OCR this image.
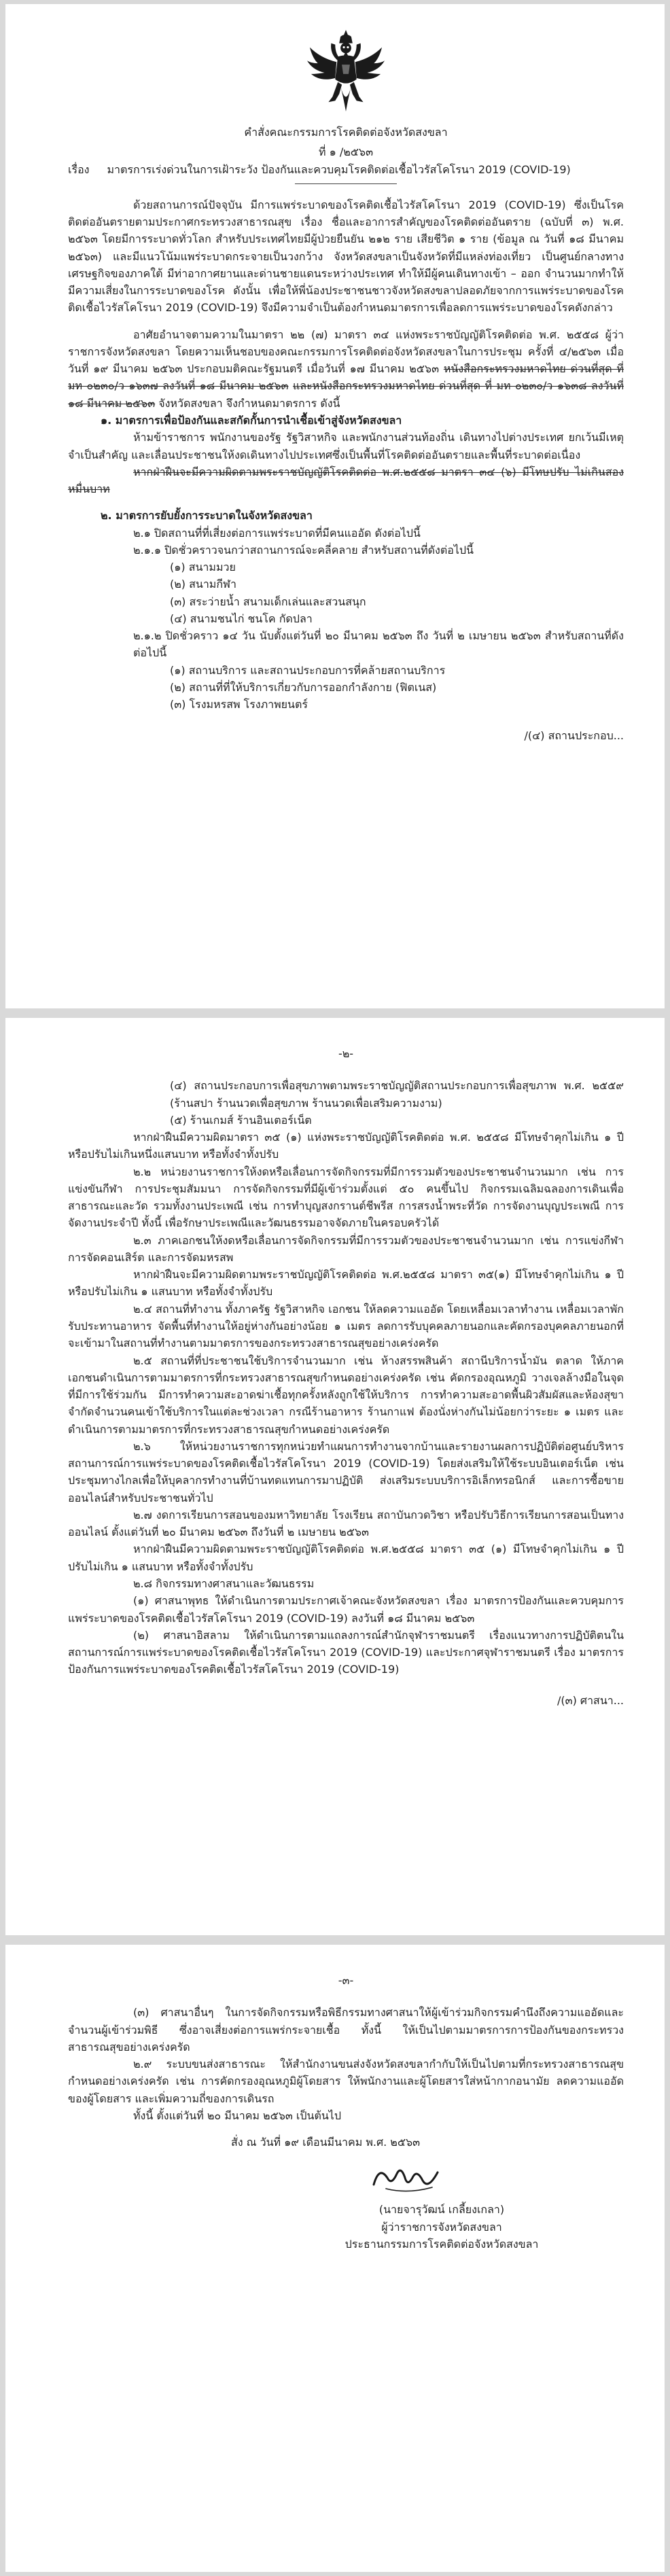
คำสั่งคณะกรรมการโรคติดต่อจังหวัดสงขลา

ที่ ๑ /๒๕๖๓

เรื่อง มาตรการเร่งด่วนในการเฝ้าระวัง ป้องกันและควบคุมโรคติดต่อเชื้อไวรัสโคโรนา 2019 (COVID-19)

ด้วยสถานการณ์ปัจจุบัน มีการแพร่ระบาดของโรคติดเชื้อไวรัสโคโรนา 2019 (COVID-19) ซึ่งเป็นโรคติดต่ออันตรายตามประกาศกระทรวงสาธารณสุข เรื่อง ชื่อและอาการสำคัญของโรคติดต่ออันตราย (ฉบับที่ ๓) พ.ศ. ๒๕๖๓ โดยมีการระบาดทั่วโลก สำหรับประเทศไทยมีผู้ป่วยยืนยัน ๒๑๒ ราย เสียชีวิต ๑ ราย (ข้อมูล ณ วันที่ ๑๘ มีนาคม ๒๕๖๓) และมีแนวโน้มแพร่ระบาดกระจายเป็นวงกว้าง จังหวัดสงขลาเป็นจังหวัดที่มีแหล่งท่องเที่ยว เป็นศูนย์กลางทางเศรษฐกิจของภาคใต้ มีท่าอากาศยานและด่านชายแดนระหว่างประเทศ ทำให้มีผู้คนเดินทางเข้า – ออก จำนวนมากทำให้มีความเสี่ยงในการระบาดของโรค ดังนั้น เพื่อให้พี่น้องประชาชนชาวจังหวัดสงขลาปลอดภัยจากการแพร่ระบาดของโรคติดเชื้อไวรัสโคโรนา 2019 (COVID-19) จึงมีความจำเป็นต้องกำหนดมาตรการเพื่อลดการแพร่ระบาดของโรคดังกล่าว

อาศัยอำนาจตามความในมาตรา ๒๒ (๗) มาตรา ๓๔ แห่งพระราชบัญญัติโรคติดต่อ พ.ศ. ๒๕๕๘ ผู้ว่าราชการจังหวัดสงขลา โดยความเห็นชอบของคณะกรรมการโรคติดต่อจังหวัดสงขลาในการประชุม ครั้งที่ ๔/๒๕๖๓ เมื่อวันที่ ๑๙ มีนาคม ๒๕๖๓ ประกอบมติคณะรัฐมนตรี เมื่อวันที่ ๑๗ มีนาคม ๒๕๖๓ หนังสือกระทรวงมหาดไทย ด่วนที่สุด ที่ มท ๐๒๓๐/ว ๑๖๓๗ ลงวันที่ ๑๘ มีนาคม ๒๕๖๓ และหนังสือกระทรวงมหาดไทย ด่วนที่สุด ที่ มท ๐๒๓๐/ว ๑๖๓๘ ลงวันที่ ๑๘ มีนาคม ๒๕๖๓ จังหวัดสงขลา จึงกำหนดมาตรการ ดังนี้

๑. มาตรการเพื่อป้องกันและสกัดกั้นการนำเชื้อเข้าสู่จังหวัดสงขลา

ห้ามข้าราชการ พนักงานของรัฐ รัฐวิสาหกิจ และพนักงานส่วนท้องถิ่น เดินทางไปต่างประเทศ ยกเว้นมีเหตุจำเป็นสำคัญ และเลื่อนประชาชนให้งดเดินทางไปประเทศซึ่งเป็นพื้นที่โรคติดต่ออันตรายและพื้นที่ระบาดต่อเนื่อง

หากฝ่าฝืนจะมีความผิดตามพระราชบัญญัติโรคติดต่อ พ.ศ.๒๕๕๘ มาตรา ๓๔ (๖) มีโทษปรับ ไม่เกินสองหมื่นบาท

๒. มาตรการยับยั้งการระบาดในจังหวัดสงขลา

๒.๑ ปิดสถานที่ที่เสี่ยงต่อการแพร่ระบาดที่มีคนแออัด ดังต่อไปนี้

๒.๑.๑ ปิดชั่วคราวจนกว่าสถานการณ์จะคลี่คลาย สำหรับสถานที่ดังต่อไปนี้

(๑) สนามมวย

(๒) สนามกีฬา

(๓) สระว่ายน้ำ สนามเด็กเล่นและสวนสนุก

(๔) สนามชนไก่ ชนโค กัดปลา

๒.๑.๒ ปิดชั่วคราว ๑๔ วัน นับตั้งแต่วันที่ ๒๐ มีนาคม ๒๕๖๓ ถึง วันที่ ๒ เมษายน ๒๕๖๓ สำหรับสถานที่ดังต่อไปนี้

(๑) สถานบริการ และสถานประกอบการที่คล้ายสถานบริการ

(๒) สถานที่ที่ให้บริการเกี่ยวกับการออกกำลังกาย (ฟิตเนส)

(๓) โรงมหรสพ โรงภาพยนตร์

/(๔) สถานประกอบ...

-๒-

(๔) สถานประกอบการเพื่อสุขภาพตามพระราชบัญญัติสถานประกอบการเพื่อสุขภาพ พ.ศ. ๒๕๕๙ (ร้านสปา ร้านนวดเพื่อสุขภาพ ร้านนวดเพื่อเสริมความงาม)

(๕) ร้านเกมส์ ร้านอินเตอร์เน็ต

หากฝ่าฝืนมีความผิดมาตรา ๓๕ (๑) แห่งพระราชบัญญัติโรคติดต่อ พ.ศ. ๒๕๕๘ มีโทษจำคุกไม่เกิน ๑ ปี หรือปรับไม่เกินหนึ่งแสนบาท หรือทั้งจำทั้งปรับ

๒.๒ หน่วยงานราชการให้งดหรือเลื่อนการจัดกิจกรรมที่มีการรวมตัวของประชาชนจำนวนมาก เช่น การแข่งขันกีฬา การประชุมสัมมนา การจัดกิจกรรมที่มีผู้เข้าร่วมตั้งแต่ ๕๐ คนขึ้นไป กิจกรรมเฉลิมฉลองการเดินเพื่อสาธารณะและวัด รวมทั้งงานประเพณี เช่น การทำบุญสงกรานต์ชีพรีส การสรงน้ำพระที่วัด การจัดงานบุญประเพณี การจัดงานประจำปี ทั้งนี้ เพื่อรักษาประเพณีและวัฒนธรรมอาจจัดภายในครอบครัวได้

๒.๓ ภาคเอกชนให้งดหรือเลื่อนการจัดกิจกรรมที่มีการรวมตัวของประชาชนจำนวนมาก เช่น การแข่งกีฬา การจัดคอนเสิร์ต และการจัดมหรสพ

หากฝ่าฝืนจะมีความผิดตามพระราชบัญญัติโรคติดต่อ พ.ศ.๒๕๕๘ มาตรา ๓๕(๑) มีโทษจำคุกไม่เกิน ๑ ปี หรือปรับไม่เกิน ๑ แสนบาท หรือทั้งจำทั้งปรับ

๒.๔ สถานที่ทำงาน ทั้งภาครัฐ รัฐวิสาหกิจ เอกชน ให้ลดความแออัด โดยเหลื่อมเวลาทำงาน เหลื่อมเวลาพักรับประทานอาหาร จัดพื้นที่ทำงานให้อยู่ห่างกันอย่างน้อย ๑ เมตร ลดการรับบุคคลภายนอกและคัดกรองบุคคลภายนอกที่จะเข้ามาในสถานที่ทำงานตามมาตรการของกระทรวงสาธารณสุขอย่างเคร่งครัด

๒.๕ สถานที่ที่ประชาชนใช้บริการจำนวนมาก เช่น ห้างสรรพสินค้า สถานีบริการน้ำมัน ตลาด ให้ภาคเอกชนดำเนินการตามมาตรการที่กระทรวงสาธารณสุขกำหนดอย่างเคร่งครัด เช่น คัดกรองอุณหภูมิ วางเจลล้างมือในจุดที่มีการใช้ร่วมกัน มีการทำความสะอาดฆ่าเชื้อทุกครั้งหลังถูกใช้ให้บริการ การทำความสะอาดพื้นผิวสัมผัสและห้องสุขา จำกัดจำนวนคนเข้าใช้บริการในแต่ละช่วงเวลา กรณีร้านอาหาร ร้านกาแฟ ต้องนั่งห่างกันไม่น้อยกว่าระยะ ๑ เมตร และดำเนินการตามมาตรการที่กระทรวงสาธารณสุขกำหนดอย่างเคร่งครัด

๒.๖ ให้หน่วยงานราชการทุกหน่วยทำแผนการทำงานจากบ้านและรายงานผลการปฏิบัติต่อศูนย์บริหารสถานการณ์การแพร่ระบาดของโรคติดเชื้อไวรัสโคโรนา 2019 (COVID-19) โดยส่งเสริมให้ใช้ระบบอินเตอร์เน็ต เช่น ประชุมทางไกลเพื่อให้บุคลากรทำงานที่บ้านทดแทนการมาปฏิบัติ ส่งเสริมระบบบริการอิเล็กทรอนิกส์ และการซื้อขายออนไลน์สำหรับประชาชนทั่วไป

๒.๗ งดการเรียนการสอนของมหาวิทยาลัย โรงเรียน สถาบันกวดวิชา หรือปรับวิธีการเรียนการสอนเป็นทางออนไลน์ ตั้งแต่วันที่ ๒๐ มีนาคม ๒๕๖๓ ถึงวันที่ ๒ เมษายน ๒๕๖๓

หากฝ่าฝืนมีความผิดตามพระราชบัญญัติโรคติดต่อ พ.ศ.๒๕๕๘ มาตรา ๓๕ (๑) มีโทษจำคุกไม่เกิน ๑ ปี ปรับไม่เกิน ๑ แสนบาท หรือทั้งจำทั้งปรับ

๒.๘ กิจกรรมทางศาสนาและวัฒนธรรม

(๑) ศาสนาพุทธ ให้ดำเนินการตามประกาศเจ้าคณะจังหวัดสงขลา เรื่อง มาตรการป้องกันและควบคุมการแพร่ระบาดของโรคติดเชื้อไวรัสโคโรนา 2019 (COVID-19) ลงวันที่ ๑๘ มีนาคม ๒๕๖๓

(๒) ศาสนาอิสลาม ให้ดำเนินการตามแถลงการณ์สำนักจุฬาราชมนตรี เรื่องแนวทางการปฏิบัติตนในสถานการณ์การแพร่ระบาดของโรคติดเชื้อไวรัสโคโรนา 2019 (COVID-19) และประกาศจุฬาราชมนตรี เรื่อง มาตรการป้องกันการแพร่ระบาดของโรคติดเชื้อไวรัสโคโรนา 2019 (COVID-19)

/(๓) ศาสนา...

-๓-

(๓) ศาสนาอื่นๆ ในการจัดกิจกรรมหรือพิธีกรรมทางศาสนาให้ผู้เข้าร่วมกิจกรรมคำนึงถึงความแออัดและจำนวนผู้เข้าร่วมพิธี ซึ่งอาจเสี่ยงต่อการแพร่กระจายเชื้อ ทั้งนี้ ให้เป็นไปตามมาตรการการป้องกันของกระทรวงสาธารณสุขอย่างเคร่งครัด

๒.๙ ระบบขนส่งสาธารณะ ให้สำนักงานขนส่งจังหวัดสงขลากำกับให้เป็นไปตามที่กระทรวงสาธารณสุขกำหนดอย่างเคร่งครัด เช่น การคัดกรองอุณหภูมิผู้โดยสาร ให้พนักงานและผู้โดยสารใส่หน้ากากอนามัย ลดความแออัดของผู้โดยสาร และเพิ่มความถี่ของการเดินรถ

ทั้งนี้ ตั้งแต่วันที่ ๒๐ มีนาคม ๒๕๖๓ เป็นต้นไป

สั่ง ณ วันที่ ๑๙ เดือนมีนาคม พ.ศ. ๒๕๖๓

(นายจารุวัฒน์ เกลี้ยงเกลา)

ผู้ว่าราชการจังหวัดสงขลา

ประธานกรรมการโรคติดต่อจังหวัดสงขลา
